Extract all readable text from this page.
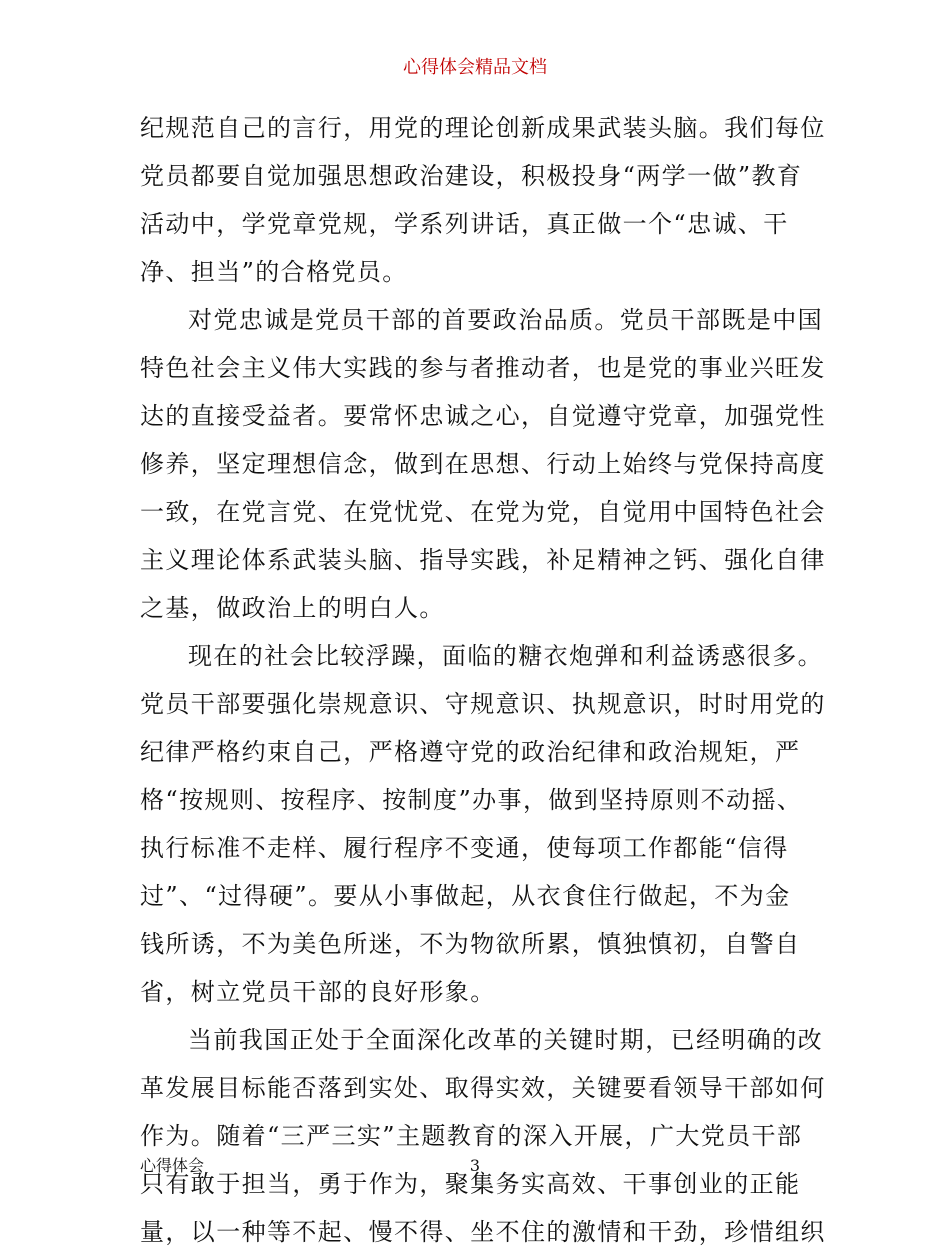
心得体会精品文档
纪规范自己的言行，用党的理论创新成果武装头脑。我们每位
党员都要自觉加强思想政治建设，积极投身“两学一做”教育
活动中，学党章党规，学系列讲话，真正做一个“忠诚、干
净、担当”的合格党员。
对党忠诚是党员干部的首要政治品质。党员干部既是中国
特色社会主义伟大实践的参与者推动者，也是党的事业兴旺发
达的直接受益者。要常怀忠诚之心，自觉遵守党章，加强党性
修养，坚定理想信念，做到在思想、行动上始终与党保持高度
一致，在党言党、在党忧党、在党为党，自觉用中国特色社会
主义理论体系武装头脑、指导实践，补足精神之钙、强化自律
之基，做政治上的明白人。
现在的社会比较浮躁，面临的糖衣炮弹和利益诱惑很多。
党员干部要强化崇规意识、守规意识、执规意识，时时用党的
纪律严格约束自己，严格遵守党的政治纪律和政治规矩，严
格“按规则、按程序、按制度”办事，做到坚持原则不动摇、
执行标准不走样、履行程序不变通，使每项工作都能“信得
过”、“过得硬”。要从小事做起，从衣食住行做起，不为金
钱所诱，不为美色所迷，不为物欲所累，慎独慎初，自警自
省，树立党员干部的良好形象。
当前我国正处于全面深化改革的关键时期，已经明确的改
革发展目标能否落到实处、取得实效，关键要看领导干部如何
作为。随着“三严三实”主题教育的深入开展，广大党员干部
只有敢于担当，勇于作为，聚集务实高效、干事创业的正能
量，以一种等不起、慢不得、坐不住的激情和干劲，珍惜组织
心得体会	3
